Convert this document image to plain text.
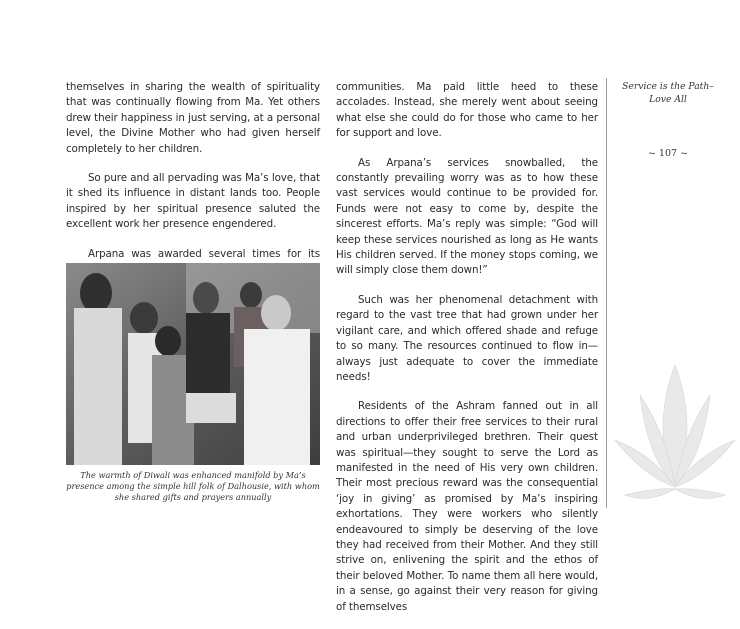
themselves in sharing the wealth of spirituality that was continually flowing from Ma. Yet others drew their happiness in just serving, at a personal level, the Divine Mother who had given herself completely to her children.

So pure and all pervading was Ma’s love, that it shed its influence in distant lands too. People inspired by her spiritual presence saluted the excellent work her presence engendered.

Arpana was awarded several times for its

The warmth of Diwali was enhanced manifold by Ma’s presence among the simple hill folk of Dalhousie, with whom she shared gifts and prayers annually

communities. Ma paid little heed to these accolades. Instead, she merely went about seeing what else she could do for those who came to her for support and love.

As Arpana’s services snowballed, the constantly prevailing worry was as to how these vast services would continue to be provided for. Funds were not easy to come by, despite the sincerest efforts. Ma’s reply was simple: “God will keep these services nourished as long as He wants His children served. If the money stops coming, we will simply close them down!”

Such was her phenomenal detachment with regard to the vast tree that had grown under her vigilant care, and which offered shade and refuge to so many. The resources continued to flow in—always just adequate to cover the immediate needs!

Residents of the Ashram fanned out in all directions to offer their free services to their rural and urban underprivileged brethren. Their quest was spiritual—they sought to serve the Lord as manifested in the need of His very own children. Their most precious reward was the consequential ‘joy in giving’ as promised by Ma’s inspiring exhortations. They were workers who silently endeavoured to simply be deserving of the love they had received from their Mother. And they still strive on, enlivening the spirit and the ethos of their beloved Mother. To name them all here would, in a sense, go against their very reason for giving of themselves

Service is the Path–
Love All
~ 107 ~
